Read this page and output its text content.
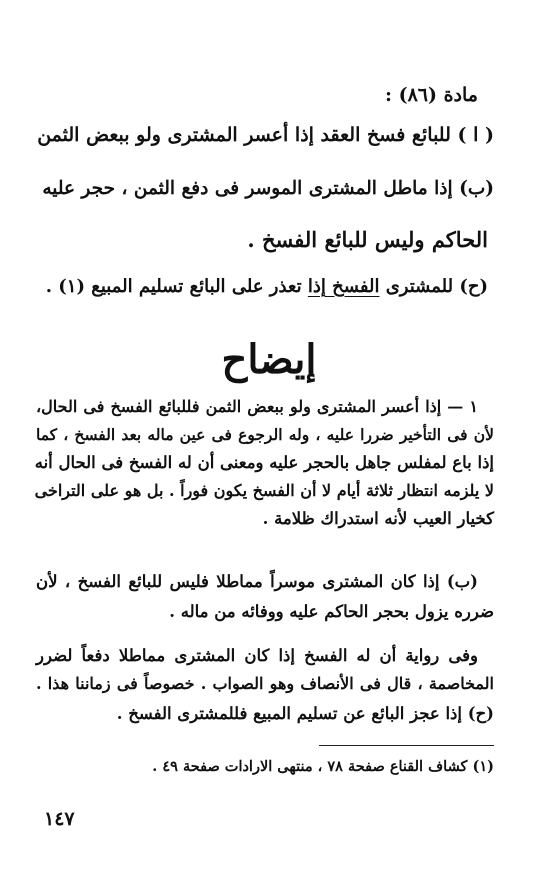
مادة (٨٦) :
( ا ) للبائع فسخ العقد إذا أعسر المشترى ولو ببعض الثمن
(ب) إذا ماطل المشترى الموسر فى دفع الثمن ، حجر عليه
الحاكم وليس للبائع الفسخ .
(ح) للمشترى الفسخ إذا تعذر على البائع تسليم المبيع (١) .
إيضاح
١ — إذا أعسر المشترى ولو ببعض الثمن فللبائع الفسخ فى الحال،
لأن فى التأخير ضررا عليه ، وله الرجوع فى عين ماله بعد الفسخ ، كما
إذا باع لمفلس جاهل بالحجر عليه ومعنى أن له الفسخ فى الحال أنه
لا يلزمه انتظار ثلاثة أيام لا أن الفسخ يكون فوراً . بل هو على التراخى
كخيار العيب لأنه استدراك ظلامة .
(ب) إذا كان المشترى موسراً مماطلا فليس للبائع الفسخ ، لأن
ضرره يزول بحجر الحاكم عليه ووفائه من ماله .
وفى رواية أن له الفسخ إذا كان المشترى مماطلا دفعاً لضرر
المخاصمة ، قال فى الأنصاف وهو الصواب . خصوصاً فى زماننا هذا .
(ح) إذا عجز البائع عن تسليم المبيع فللمشترى الفسخ .
(١) كشاف القناع صفحة ٧٨ ، منتهى الارادات صفحة ٤٩ .
١٤٧
